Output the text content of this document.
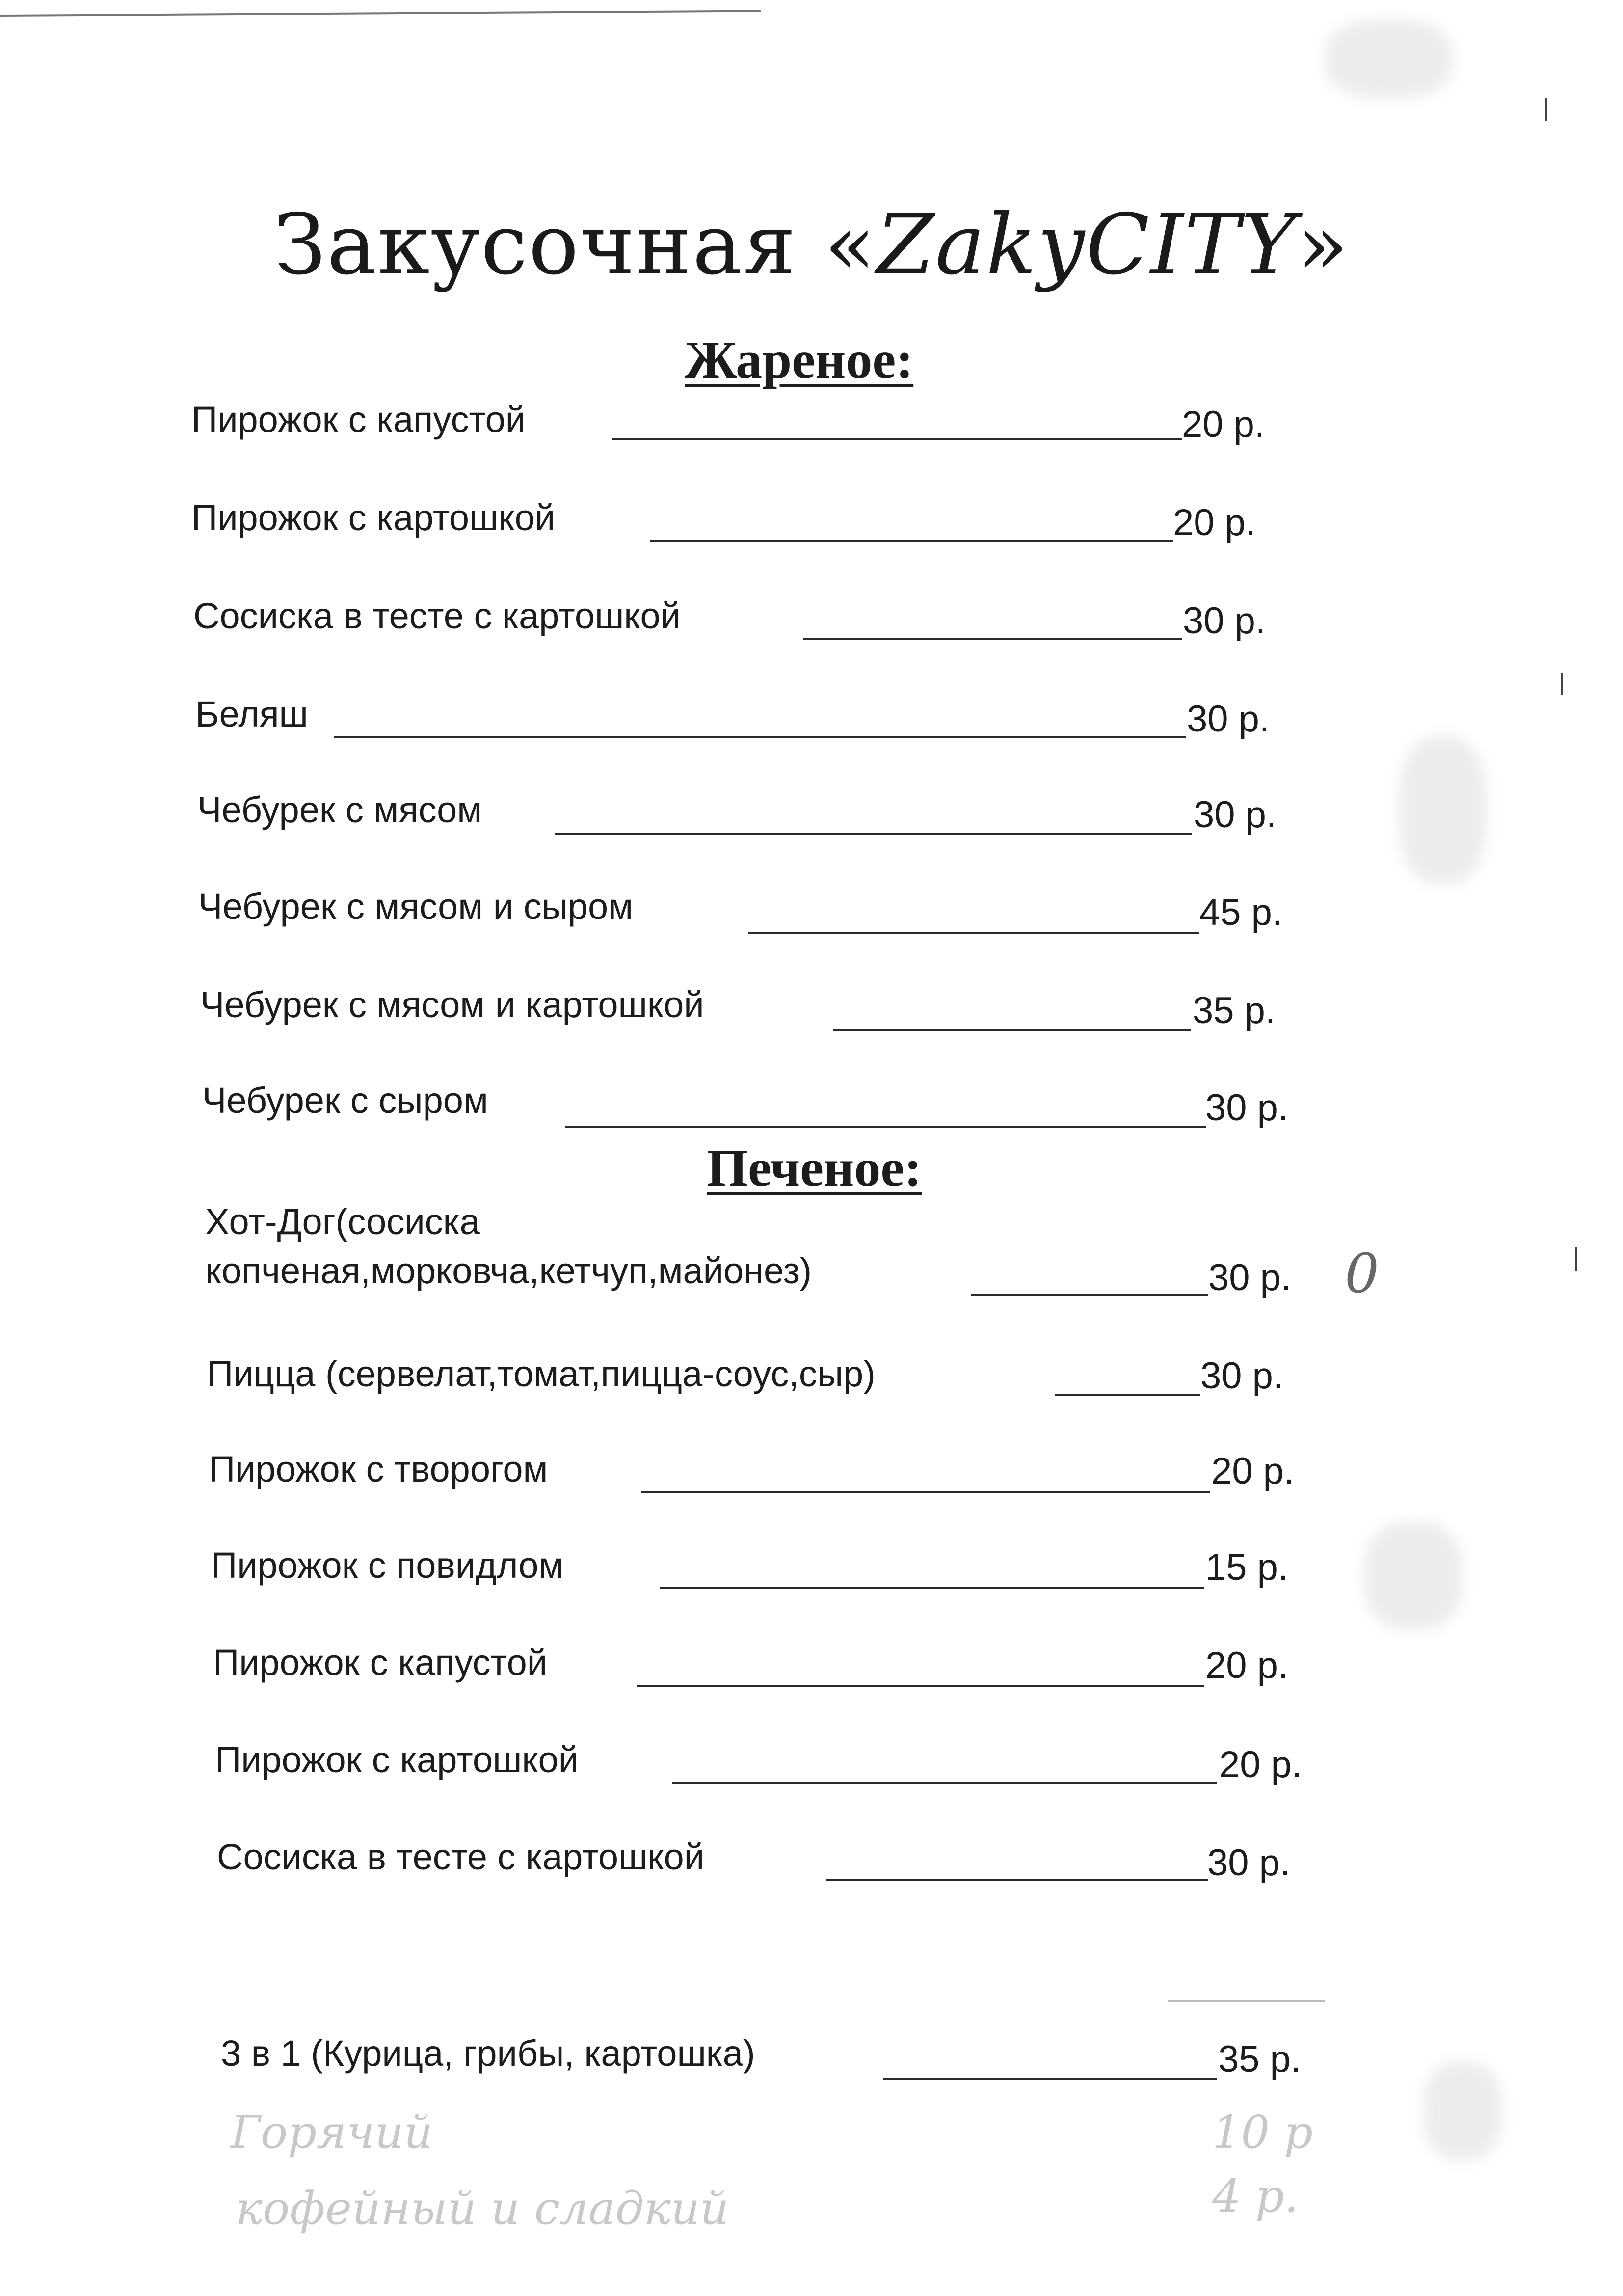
Закусочная «ZakyCITY»
Жареное:
Пирожок с капустой	20 р.
Пирожок с картошкой	20 р.
Сосиска в тесте с картошкой	30 р.
Беляш	30 р.
Чебурек с мясом	30 р.
Чебурек с мясом и сыром	45 р.
Чебурек с мясом и картошкой	35 р.
Чебурек с сыром	30 р.
Печеное:
Хот-Дог(сосиска
копченая,морковча,кетчуп,майонез)	30 р. 0
Пицца (сервелат,томат,пицца-соус,сыр)	30 р.
Пирожок с творогом	20 р.
Пирожок с повидлом	15 р.
Пирожок с капустой	20 р.
Пирожок с картошкой	20 р.
Сосиска в тесте с картошкой	30 р.
3 в 1 (Курица, грибы, картошка)	35 р.
Горячий	10 р
кофейный и сладкий	4 р.
